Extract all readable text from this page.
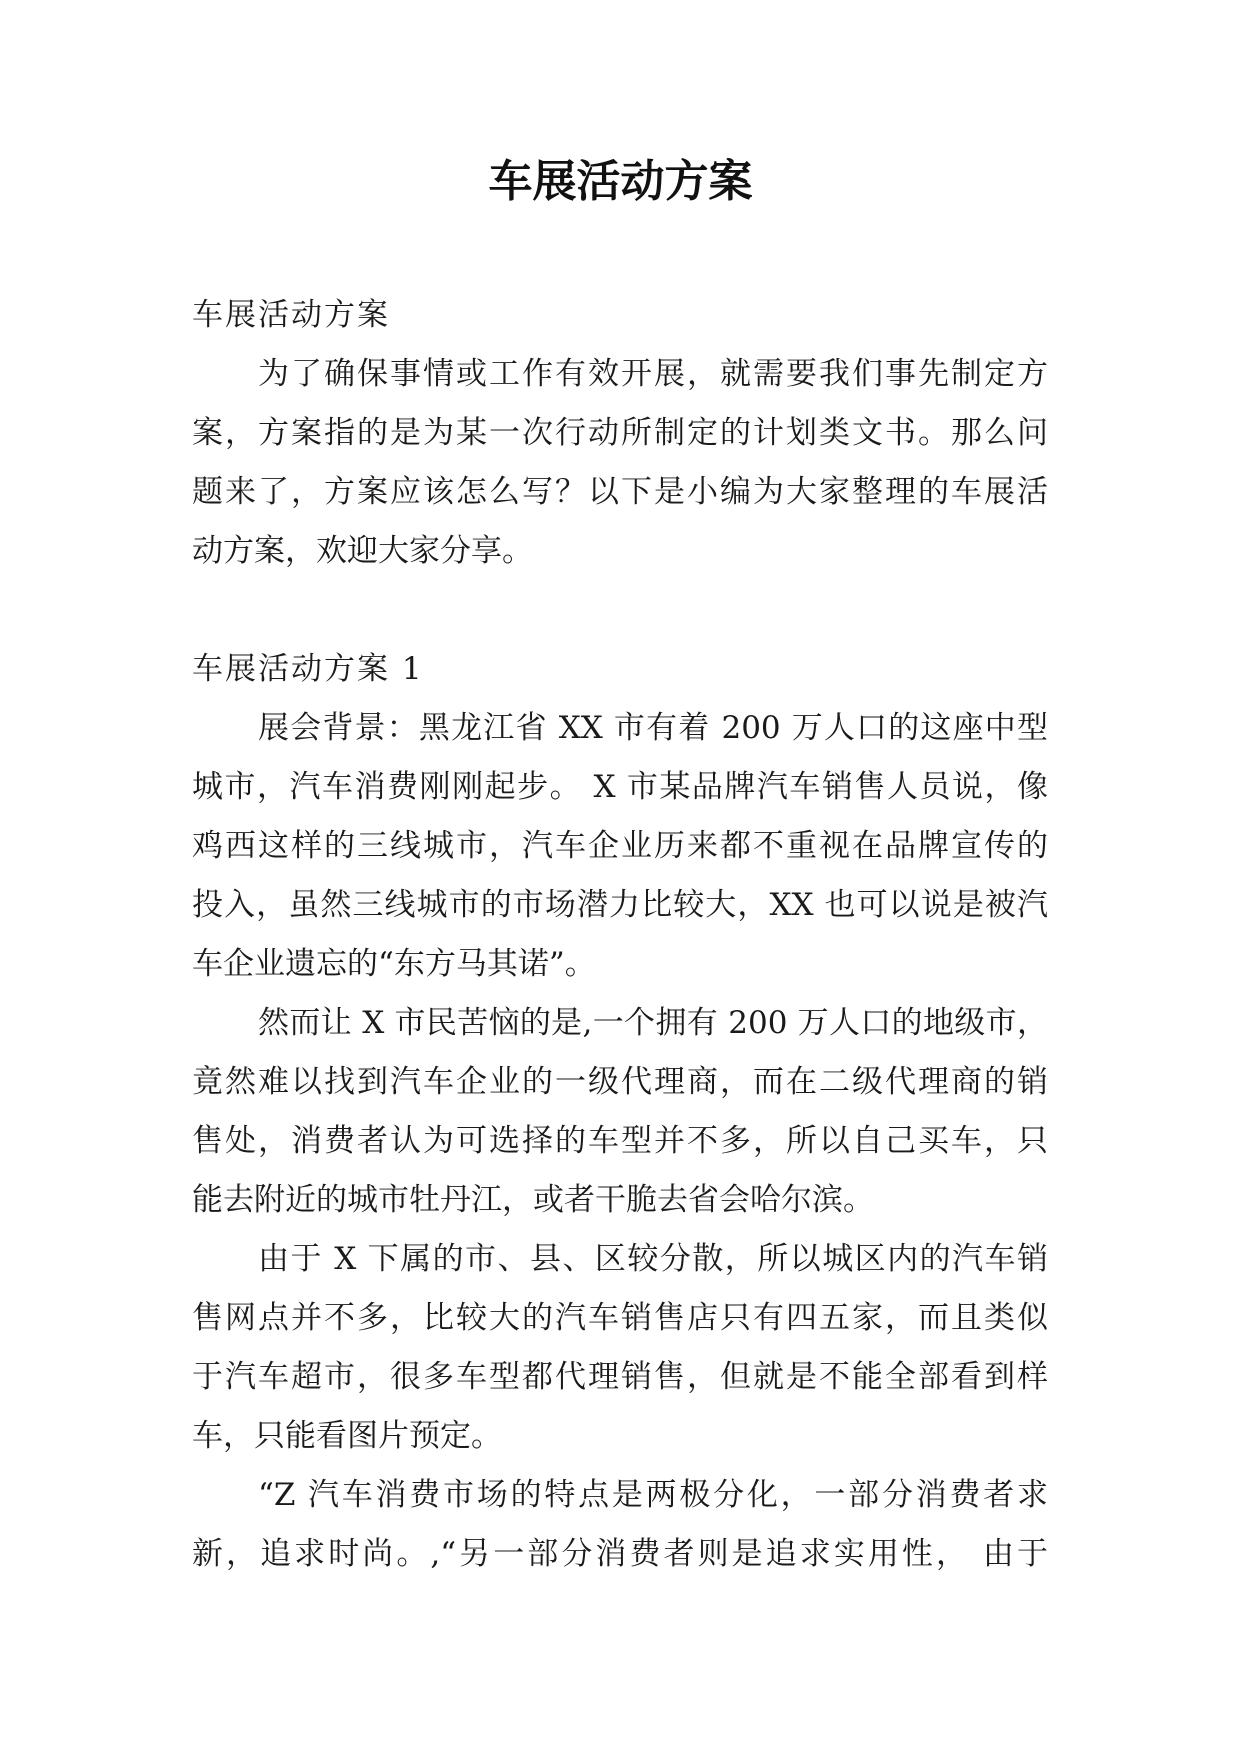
车展活动方案
车展活动方案
为了确保事情或工作有效开展，就需要我们事先制定方
案，方案指的是为某一次行动所制定的计划类文书。那么问
题来了，方案应该怎么写？以下是小编为大家整理的车展活
动方案，欢迎大家分享。
车展活动方案 1
展会背景：黑龙江省 XX 市有着 200 万人口的这座中型
城市，汽车消费刚刚起步。 X 市某品牌汽车销售人员说，像
鸡西这样的三线城市，汽车企业历来都不重视在品牌宣传的
投入，虽然三线城市的市场潜力比较大，XX 也可以说是被汽
车企业遗忘的“东方马其诺”。
然而让 X 市民苦恼的是,一个拥有 200 万人口的地级市，
竟然难以找到汽车企业的一级代理商，而在二级代理商的销
售处，消费者认为可选择的车型并不多，所以自己买车，只
能去附近的城市牡丹江，或者干脆去省会哈尔滨。
由于 X 下属的市、县、区较分散，所以城区内的汽车销
售网点并不多，比较大的汽车销售店只有四五家，而且类似
于汽车超市，很多车型都代理销售，但就是不能全部看到样
车，只能看图片预定。
“Z 汽车消费市场的特点是两极分化，一部分消费者求
新，追求时尚。,“另一部分消费者则是追求实用性， 由于
